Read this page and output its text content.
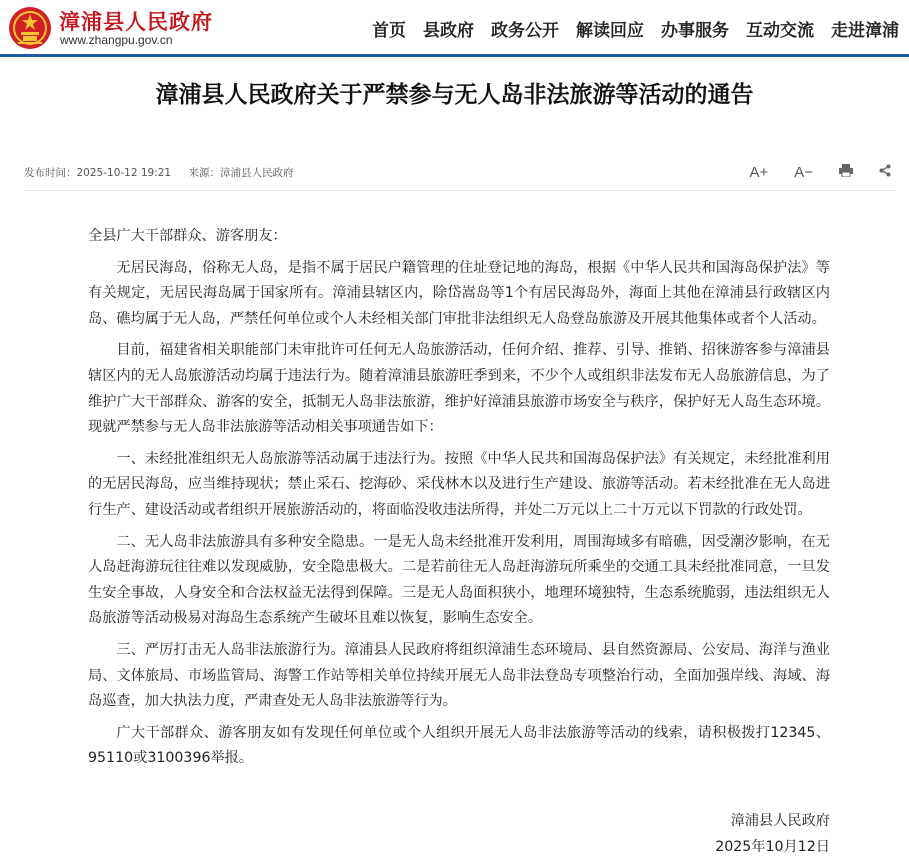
漳浦县人民政府
www.zhangpu.gov.cn	首页 县政府 政务公开 解读回应 办事服务 互动交流 走进漳浦
漳浦县人民政府关于严禁参与无人岛非法旅游等活动的通告
发布时间：2025-10-12 19:21 来源：漳浦县人民政府	A+ A−

全县广大干部群众、游客朋友：

无居民海岛，俗称无人岛，是指不属于居民户籍管理的住址登记地的海岛，根据《中华人民共和国海岛保护法》等有关规定，无居民海岛属于国家所有。漳浦县辖区内，除岱嵩岛等1个有居民海岛外，海面上其他在漳浦县行政辖区内岛、礁均属于无人岛，严禁任何单位或个人未经相关部门审批非法组织无人岛登岛旅游及开展其他集体或者个人活动。

目前，福建省相关职能部门未审批许可任何无人岛旅游活动，任何介绍、推荐、引导、推销、招徕游客参与漳浦县辖区内的无人岛旅游活动均属于违法行为。随着漳浦县旅游旺季到来，不少个人或组织非法发布无人岛旅游信息，为了维护广大干部群众、游客的安全，抵制无人岛非法旅游，维护好漳浦县旅游市场安全与秩序，保护好无人岛生态环境。现就严禁参与无人岛非法旅游等活动相关事项通告如下：

一、未经批准组织无人岛旅游等活动属于违法行为。按照《中华人民共和国海岛保护法》有关规定，未经批准利用的无居民海岛，应当维持现状；禁止采石、挖海砂、采伐林木以及进行生产建设、旅游等活动。若未经批准在无人岛进行生产、建设活动或者组织开展旅游活动的，将面临没收违法所得，并处二万元以上二十万元以下罚款的行政处罚。

二、无人岛非法旅游具有多种安全隐患。一是无人岛未经批准开发利用，周围海域多有暗礁，因受潮汐影响，在无人岛赶海游玩往往难以发现威胁，安全隐患极大。二是若前往无人岛赶海游玩所乘坐的交通工具未经批准同意，一旦发生安全事故，人身安全和合法权益无法得到保障。三是无人岛面积狭小，地理环境独特，生态系统脆弱，违法组织无人岛旅游等活动极易对海岛生态系统产生破坏且难以恢复，影响生态安全。

三、严厉打击无人岛非法旅游行为。漳浦县人民政府将组织漳浦生态环境局、县自然资源局、公安局、海洋与渔业局、文体旅局、市场监管局、海警工作站等相关单位持续开展无人岛非法登岛专项整治行动，全面加强岸线、海域、海岛巡查，加大执法力度，严肃查处无人岛非法旅游等行为。

广大干部群众、游客朋友如有发现任何单位或个人组织开展无人岛非法旅游等活动的线索，请积极拨打12345、95110或3100396举报。

漳浦县人民政府
2025年10月12日
